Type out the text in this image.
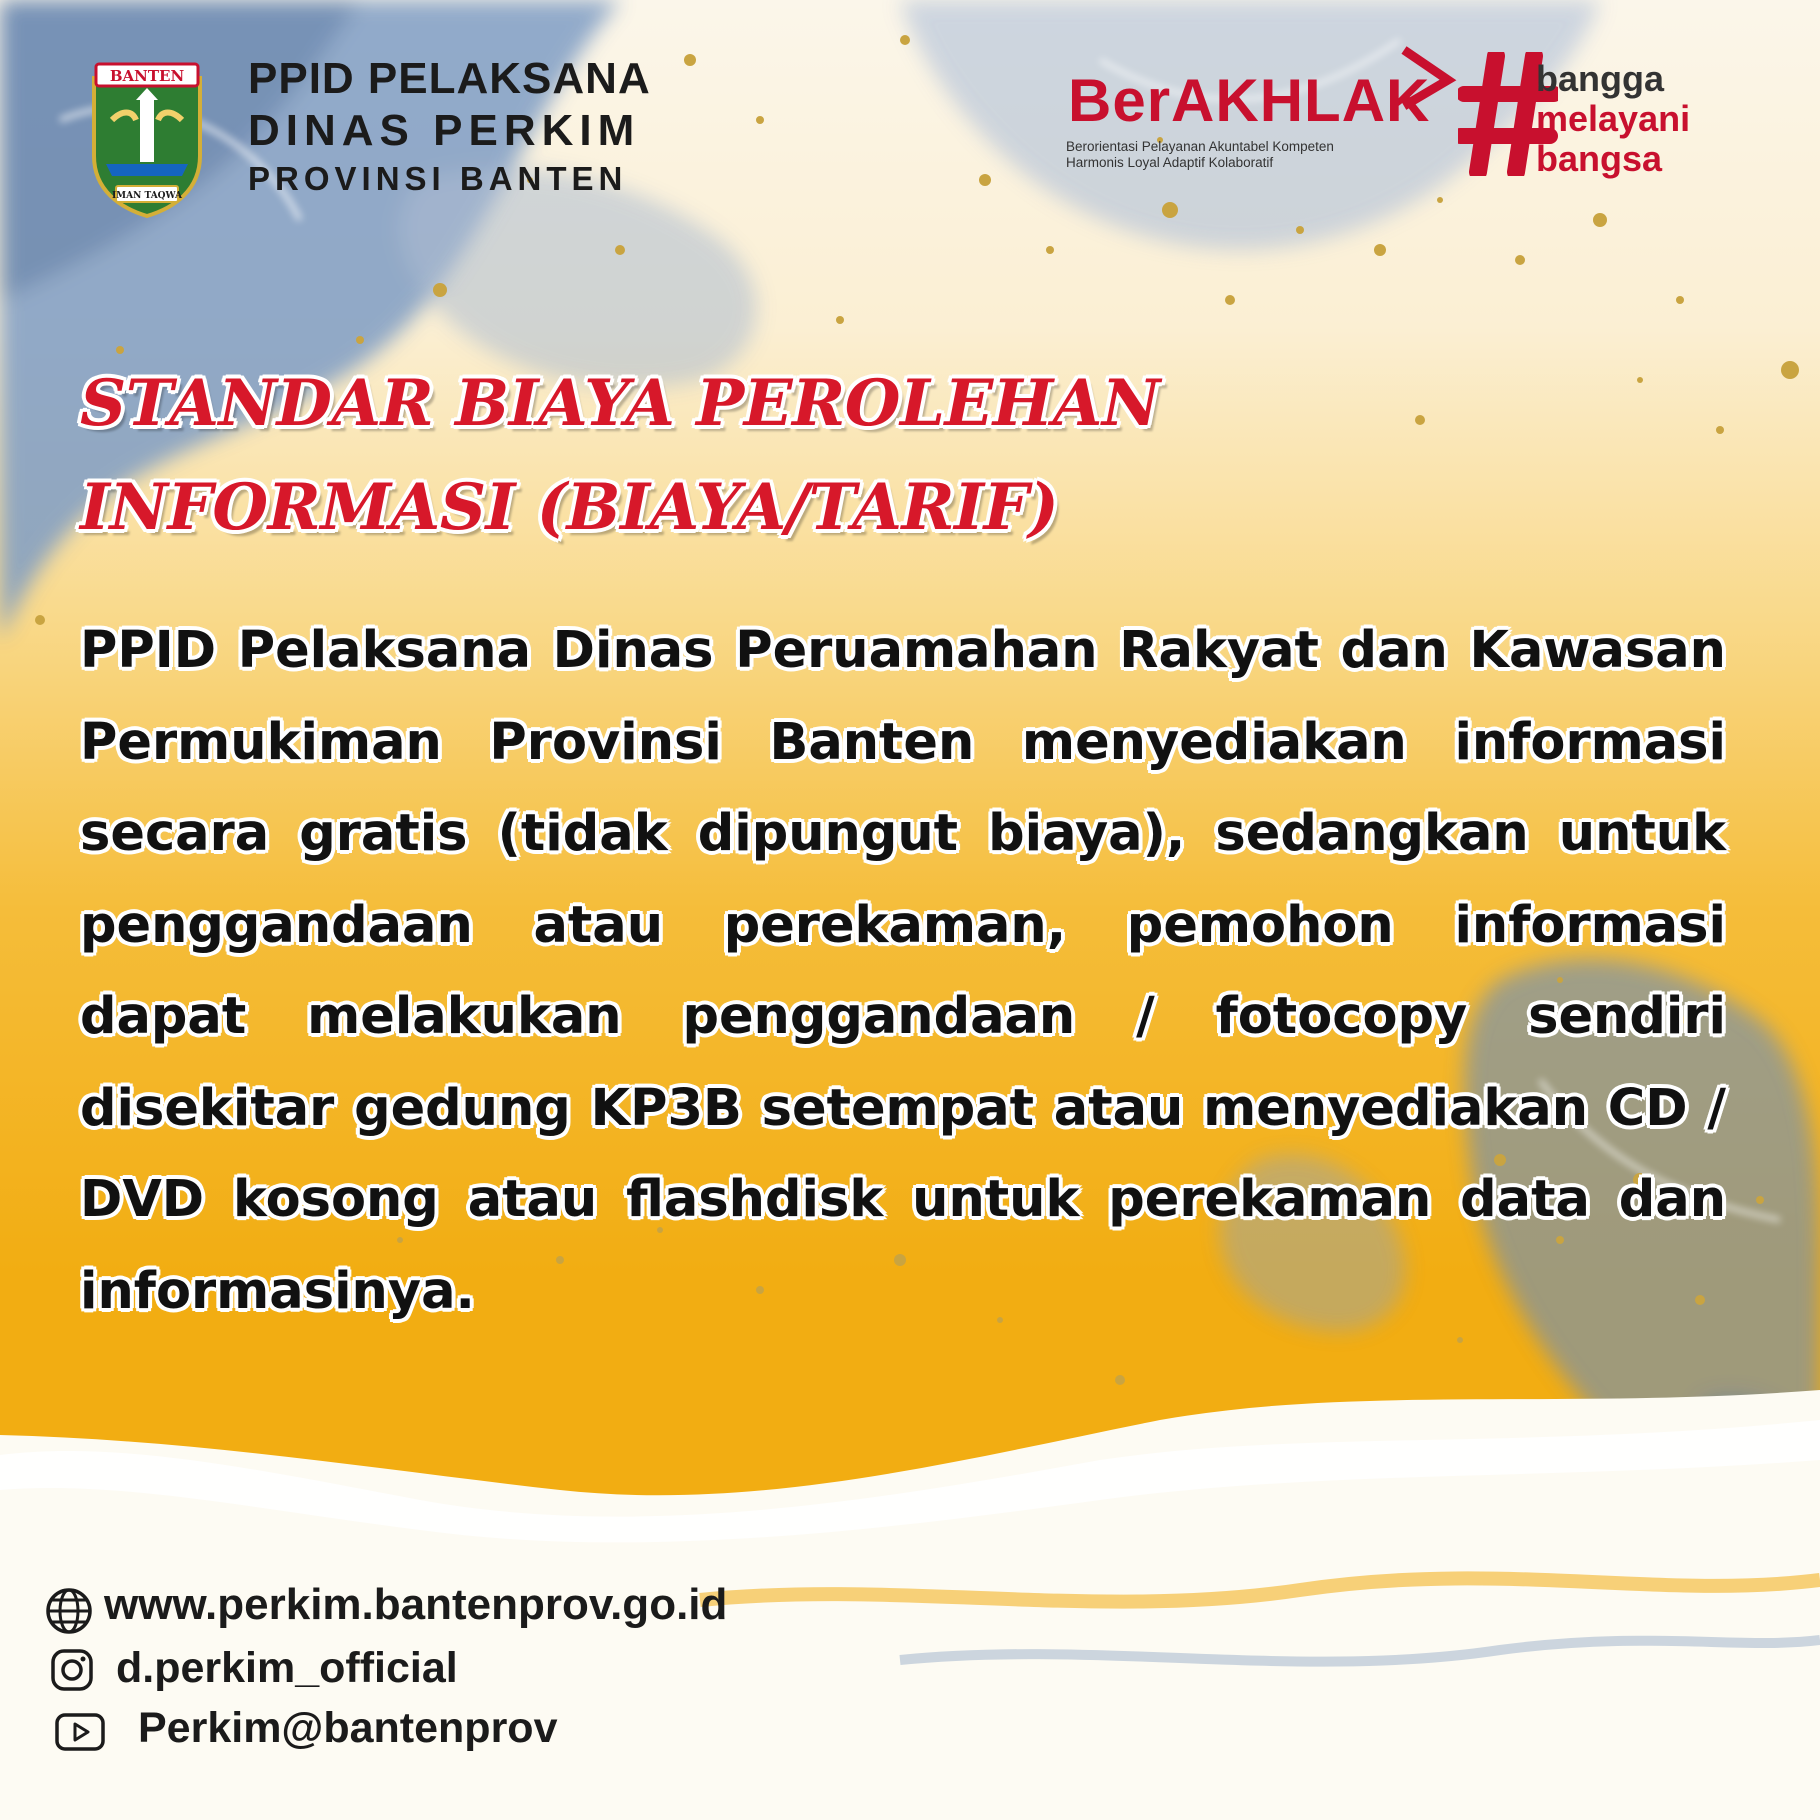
BANTEN
IMAN TAQWA
PPID PELAKSANA
DINAS PERKIM
PROVINSI BANTEN
BerAKHLAK
Berorientasi Pelayanan Akuntabel Kompeten
Harmonis Loyal Adaptif Kolaboratif
bangga
melayani
bangsa
STANDAR BIAYA PEROLEHAN
INFORMASI (BIAYA/TARIF)
PPID Pelaksana Dinas Peruamahan Rakyat dan Kawasan Permukiman Provinsi Banten menyediakan informasi secara gratis (tidak dipungut biaya), sedangkan untuk penggandaan atau perekaman, pemohon informasi dapat melakukan penggandaan / fotocopy sendiri disekitar gedung KP3B setempat atau menyediakan CD / DVD kosong atau flashdisk untuk perekaman data dan informasinya.
www.perkim.bantenprov.go.id
d.perkim_official
Perkim@bantenprov
